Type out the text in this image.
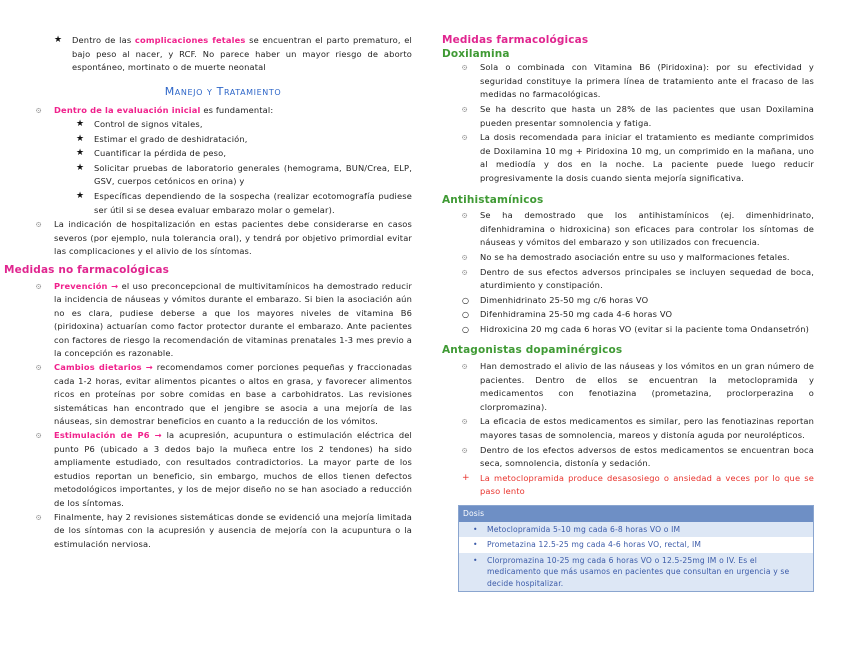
★ Dentro de las complicaciones fetales se encuentran el parto prematuro, el bajo peso al nacer, y RCF. No parece haber un mayor riesgo de aborto espontáneo, mortinato o de muerte neonatal

Manejo y Tratamiento

۞ Dentro de la evaluación inicial es fundamental:

★ Control de signos vitales,

★ Estimar el grado de deshidratación,

★ Cuantificar la pérdida de peso,

★ Solicitar pruebas de laboratorio generales (hemograma, BUN/Crea, ELP, GSV, cuerpos cetónicos en orina) y

★ Específicas dependiendo de la sospecha (realizar ecotomografía pudiese ser útil si se desea evaluar embarazo molar o gemelar).

۞ La indicación de hospitalización en estas pacientes debe considerarse en casos severos (por ejemplo, nula tolerancia oral), y tendrá por objetivo primordial evitar las complicaciones y el alivio de los síntomas.

Medidas no farmacológicas

۞ Prevención → el uso preconcepcional de multivitamínicos ha demostrado reducir la incidencia de náuseas y vómitos durante el embarazo. Si bien la asociación aún no es clara, pudiese deberse a que los mayores niveles de vitamina B6 (piridoxina) actuarían como factor protector durante el embarazo. Ante pacientes con factores de riesgo la recomendación de vitaminas prenatales 1-3 mes previo a la concepción es razonable.

۞ Cambios dietarios → recomendamos comer porciones pequeñas y fraccionadas cada 1-2 horas, evitar alimentos picantes o altos en grasa, y favorecer alimentos ricos en proteínas por sobre comidas en base a carbohidratos. Las revisiones sistemáticas han encontrado que el jengibre se asocia a una mejoría de las náuseas, sin demostrar beneficios en cuanto a la reducción de los vómitos.

۞ Estimulación de P6 → la acupresión, acupuntura o estimulación eléctrica del punto P6 (ubicado a 3 dedos bajo la muñeca entre los 2 tendones) ha sido ampliamente estudiado, con resultados contradictorios. La mayor parte de los estudios reportan un beneficio, sin embargo, muchos de ellos tienen defectos metodológicos importantes, y los de mejor diseño no se han asociado a reducción de los síntomas.

۞ Finalmente, hay 2 revisiones sistemáticas donde se evidenció una mejoría limitada de los síntomas con la acupresión y ausencia de mejoría con la acupuntura o la estimulación nerviosa.

Medidas farmacológicas
Doxilamina

۞ Sola o combinada con Vitamina B6 (Piridoxina): por su efectividad y seguridad constituye la primera línea de tratamiento ante el fracaso de las medidas no farmacológicas.

۞ Se ha descrito que hasta un 28% de las pacientes que usan Doxilamina pueden presentar somnolencia y fatiga.

۞ La dosis recomendada para iniciar el tratamiento es mediante comprimidos de Doxilamina 10 mg + Piridoxina 10 mg, un comprimido en la mañana, uno al mediodía y dos en la noche. La paciente puede luego reducir progresivamente la dosis cuando sienta mejoría significativa.

Antihistamínicos

۞ Se ha demostrado que los antihistamínicos (ej. dimenhidrinato, difenhidramina o hidroxicina) son eficaces para controlar los síntomas de náuseas y vómitos del embarazo y son utilizados con frecuencia.

۞ No se ha demostrado asociación entre su uso y malformaciones fetales.

۞ Dentro de sus efectos adversos principales se incluyen sequedad de boca, aturdimiento y constipación.

○ Dimenhidrinato 25-50 mg c/6 horas VO

○ Difenhidramina 25-50 mg cada 4-6 horas VO

○ Hidroxicina 20 mg cada 6 horas VO (evitar si la paciente toma Ondansetrón)

Antagonistas dopaminérgicos

۞ Han demostrado el alivio de las náuseas y los vómitos en un gran número de pacientes. Dentro de ellos se encuentran la metoclopramida y medicamentos con fenotiazina (prometazina, proclorperazina o clorpromazina).

۞ La eficacia de estos medicamentos es similar, pero las fenotiazinas reportan mayores tasas de somnolencia, mareos y distonía aguda por neurolépticos.

۞ Dentro de los efectos adversos de estos medicamentos se encuentran boca seca, somnolencia, distonía y sedación.

+ La metoclopramida produce desasosiego o ansiedad a veces por lo que se paso lento

Dosis
• Metoclopramida 5-10 mg cada 6-8 horas VO o IM
• Prometazina 12.5-25 mg cada 4-6 horas VO, rectal, IM
• Clorpromazina 10-25 mg cada 6 horas VO o 12.5-25mg IM o IV. Es el medicamento que más usamos en pacientes que consultan en urgencia y se decide hospitalizar.
